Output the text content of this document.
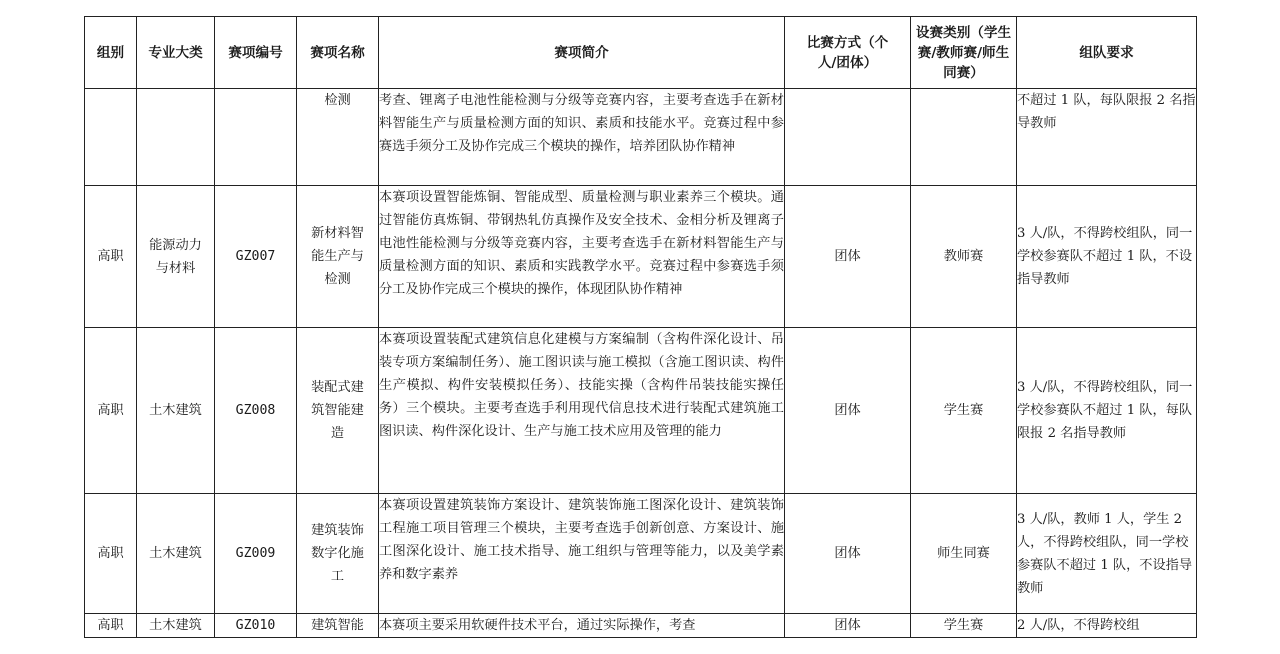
组别	专业大类	赛项编号	赛项名称	赛项简介	比赛方式（个人/团体）	设赛类别（学生赛/教师赛/师生同赛）	组队要求
			检测	考查、锂离子电池性能检测与分级等竞赛内容，主要考查选手在新材料智能生产与质量检测方面的知识、素质和技能水平。竞赛过程中参赛选手须分工及协作完成三个模块的操作，培养团队协作精神			不超过 1 队，每队限报 2 名指导教师
高职	能源动力与材料	GZ007	新材料智能生产与检测	本赛项设置智能炼铜、智能成型、质量检测与职业素养三个模块。通过智能仿真炼铜、带钢热轧仿真操作及安全技术、金相分析及锂离子电池性能检测与分级等竞赛内容，主要考查选手在新材料智能生产与质量检测方面的知识、素质和实践教学水平。竞赛过程中参赛选手须分工及协作完成三个模块的操作，体现团队协作精神	团体	教师赛	3 人/队，不得跨校组队，同一学校参赛队不超过 1 队，不设指导教师
高职	土木建筑	GZ008	装配式建筑智能建造	本赛项设置装配式建筑信息化建模与方案编制（含构件深化设计、吊装专项方案编制任务）、施工图识读与施工模拟（含施工图识读、构件生产模拟、构件安装模拟任务）、技能实操（含构件吊装技能实操任务）三个模块。主要考查选手利用现代信息技术进行装配式建筑施工图识读、构件深化设计、生产与施工技术应用及管理的能力	团体	学生赛	3 人/队，不得跨校组队，同一学校参赛队不超过 1 队，每队限报 2 名指导教师
高职	土木建筑	GZ009	建筑装饰数字化施工	本赛项设置建筑装饰方案设计、建筑装饰施工图深化设计、建筑装饰工程施工项目管理三个模块，主要考查选手创新创意、方案设计、施工图深化设计、施工技术指导、施工组织与管理等能力，以及美学素养和数字素养	团体	师生同赛	3 人/队，教师 1 人，学生 2 人，不得跨校组队，同一学校参赛队不超过 1 队，不设指导教师
高职	土木建筑	GZ010	建筑智能	本赛项主要采用软硬件技术平台，通过实际操作，考查	团体	学生赛	2 人/队，不得跨校组
